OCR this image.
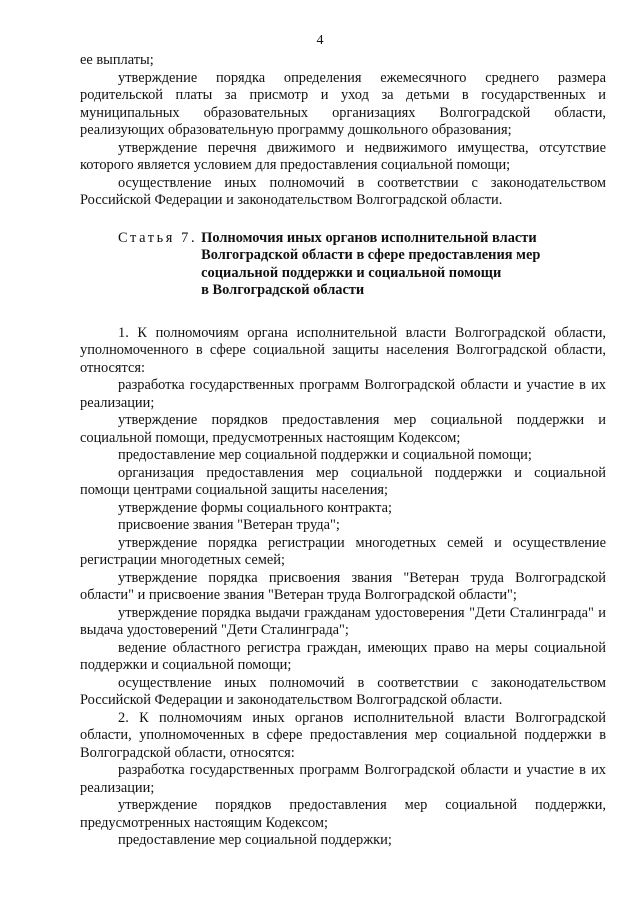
4

ее выплаты;

утверждение порядка определения ежемесячного среднего размера родительской платы за присмотр и уход за детьми в государственных и муниципальных образовательных организациях Волгоградской области, реализующих образовательную программу дошкольного образования;

утверждение перечня движимого и недвижимого имущества, отсутствие которого является условием для предоставления социальной помощи;

осуществление иных полномочий в соответствии с законодательством Российской Федерации и законодательством Волгоградской области.

Статья 7. Полномочия иных органов исполнительной власти
Волгоградской области в сфере предоставления мер
социальной поддержки и социальной помощи
в Волгоградской области

1. К полномочиям органа исполнительной власти Волгоградской области, уполномоченного в сфере социальной защиты населения Волгоградской области, относятся:

разработка государственных программ Волгоградской области и участие в их реализации;

утверждение порядков предоставления мер социальной поддержки и социальной помощи, предусмотренных настоящим Кодексом;

предоставление мер социальной поддержки и социальной помощи;

организация предоставления мер социальной поддержки и социальной помощи центрами социальной защиты населения;

утверждение формы социального контракта;

присвоение звания "Ветеран труда";

утверждение порядка регистрации многодетных семей и осуществление регистрации многодетных семей;

утверждение порядка присвоения звания "Ветеран труда Волгоградской области" и присвоение звания "Ветеран труда Волгоградской области";

утверждение порядка выдачи гражданам удостоверения "Дети Сталинграда" и выдача удостоверений "Дети Сталинграда";

ведение областного регистра граждан, имеющих право на меры социальной поддержки и социальной помощи;

осуществление иных полномочий в соответствии с законодательством Российской Федерации и законодательством Волгоградской области.

2. К полномочиям иных органов исполнительной власти Волгоградской области, уполномоченных в сфере предоставления мер социальной поддержки в Волгоградской области, относятся:

разработка государственных программ Волгоградской области и участие в их реализации;

утверждение порядков предоставления мер социальной поддержки, предусмотренных настоящим Кодексом;

предоставление мер социальной поддержки;
